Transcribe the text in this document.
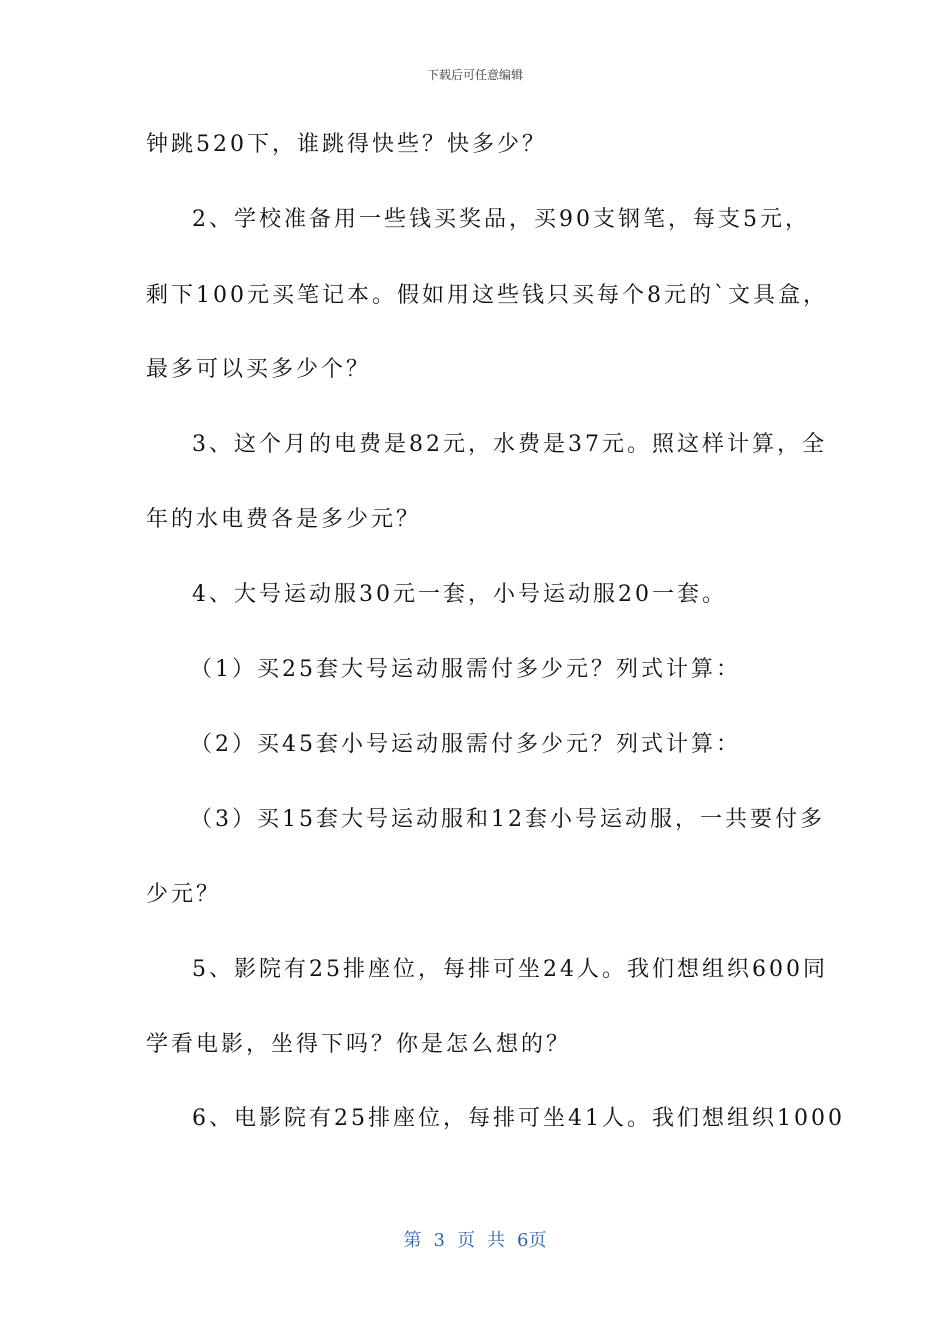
下载后可任意编辑
钟跳520下，谁跳得快些？快多少？
2、学校准备用一些钱买奖品，买90支钢笔，每支5元，
剩下100元买笔记本。假如用这些钱只买每个8元的`文具盒，
最多可以买多少个？
3、这个月的电费是82元，水费是37元。照这样计算，全
年的水电费各是多少元？
4、大号运动服30元一套，小号运动服20一套。
（1）买25套大号运动服需付多少元？列式计算：
（2）买45套小号运动服需付多少元？列式计算：
（3）买15套大号运动服和12套小号运动服，一共要付多
少元？
5、影院有25排座位，每排可坐24人。我们想组织600同
学看电影，坐得下吗？你是怎么想的？
6、电影院有25排座位，每排可坐41人。我们想组织1000
第 3 页 共 6页
